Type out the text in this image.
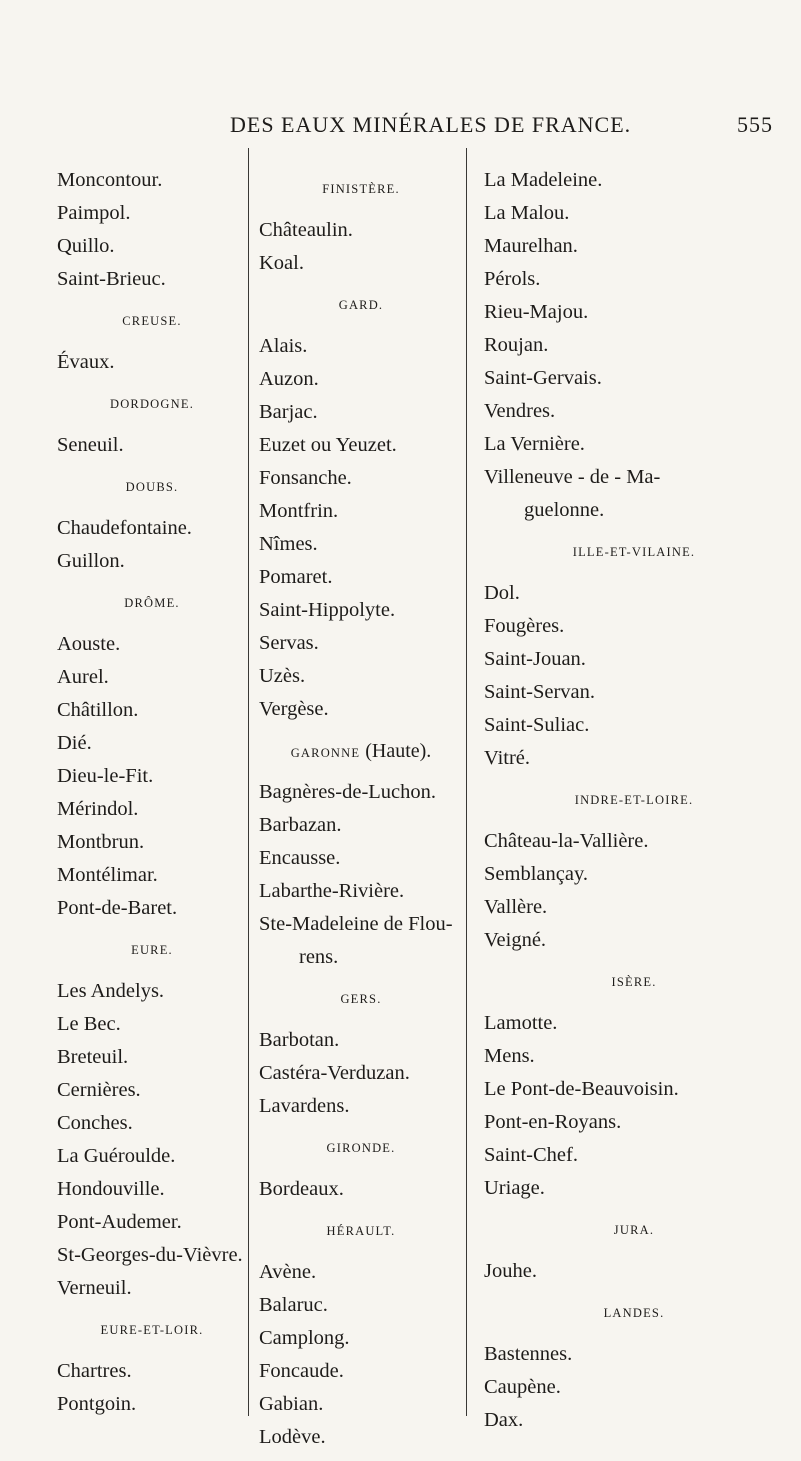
DES EAUX MINÉRALES DE FRANCE.	555
Moncontour.
Paimpol.
Quillo.
Saint-Brieuc.
CREUSE.
Évaux.
DORDOGNE.
Seneuil.
DOUBS.
Chaudefontaine.
Guillon.
DRÔME.
Aouste.
Aurel.
Châtillon.
Dié.
Dieu-le-Fit.
Mérindol.
Montbrun.
Montélimar.
Pont-de-Baret.
EURE.
Les Andelys.
Le Bec.
Breteuil.
Cernières.
Conches.
La Guéroulde.
Hondouville.
Pont-Audemer.
St-Georges-du-Vièvre.
Verneuil.
EURE-ET-LOIR.
Chartres.
Pontgoin.
FINISTÈRE.
Châteaulin.
Koal.
GARD.
Alais.
Auzon.
Barjac.
Euzet ou Yeuzet.
Fonsanche.
Montfrin.
Nîmes.
Pomaret.
Saint-Hippolyte.
Servas.
Uzès.
Vergèse.
GARONNE (Haute).
Bagnères-de-Luchon.
Barbazan.
Encausse.
Labarthe-Rivière.
Ste-Madeleine de Flou-
rens.
GERS.
Barbotan.
Castéra-Verduzan.
Lavardens.
GIRONDE.
Bordeaux.
HÉRAULT.
Avène.
Balaruc.
Camplong.
Foncaude.
Gabian.
Lodève.
La Madeleine.
La Malou.
Maurelhan.
Pérols.
Rieu-Majou.
Roujan.
Saint-Gervais.
Vendres.
La Vernière.
Villeneuve - de - Ma-
guelonne.
ILLE-ET-VILAINE.
Dol.
Fougères.
Saint-Jouan.
Saint-Servan.
Saint-Suliac.
Vitré.
INDRE-ET-LOIRE.
Château-la-Vallière.
Semblançay.
Vallère.
Veigné.
ISÈRE.
Lamotte.
Mens.
Le Pont-de-Beauvoisin.
Pont-en-Royans.
Saint-Chef.
Uriage.
JURA.
Jouhe.
LANDES.
Bastennes.
Caupène.
Dax.
